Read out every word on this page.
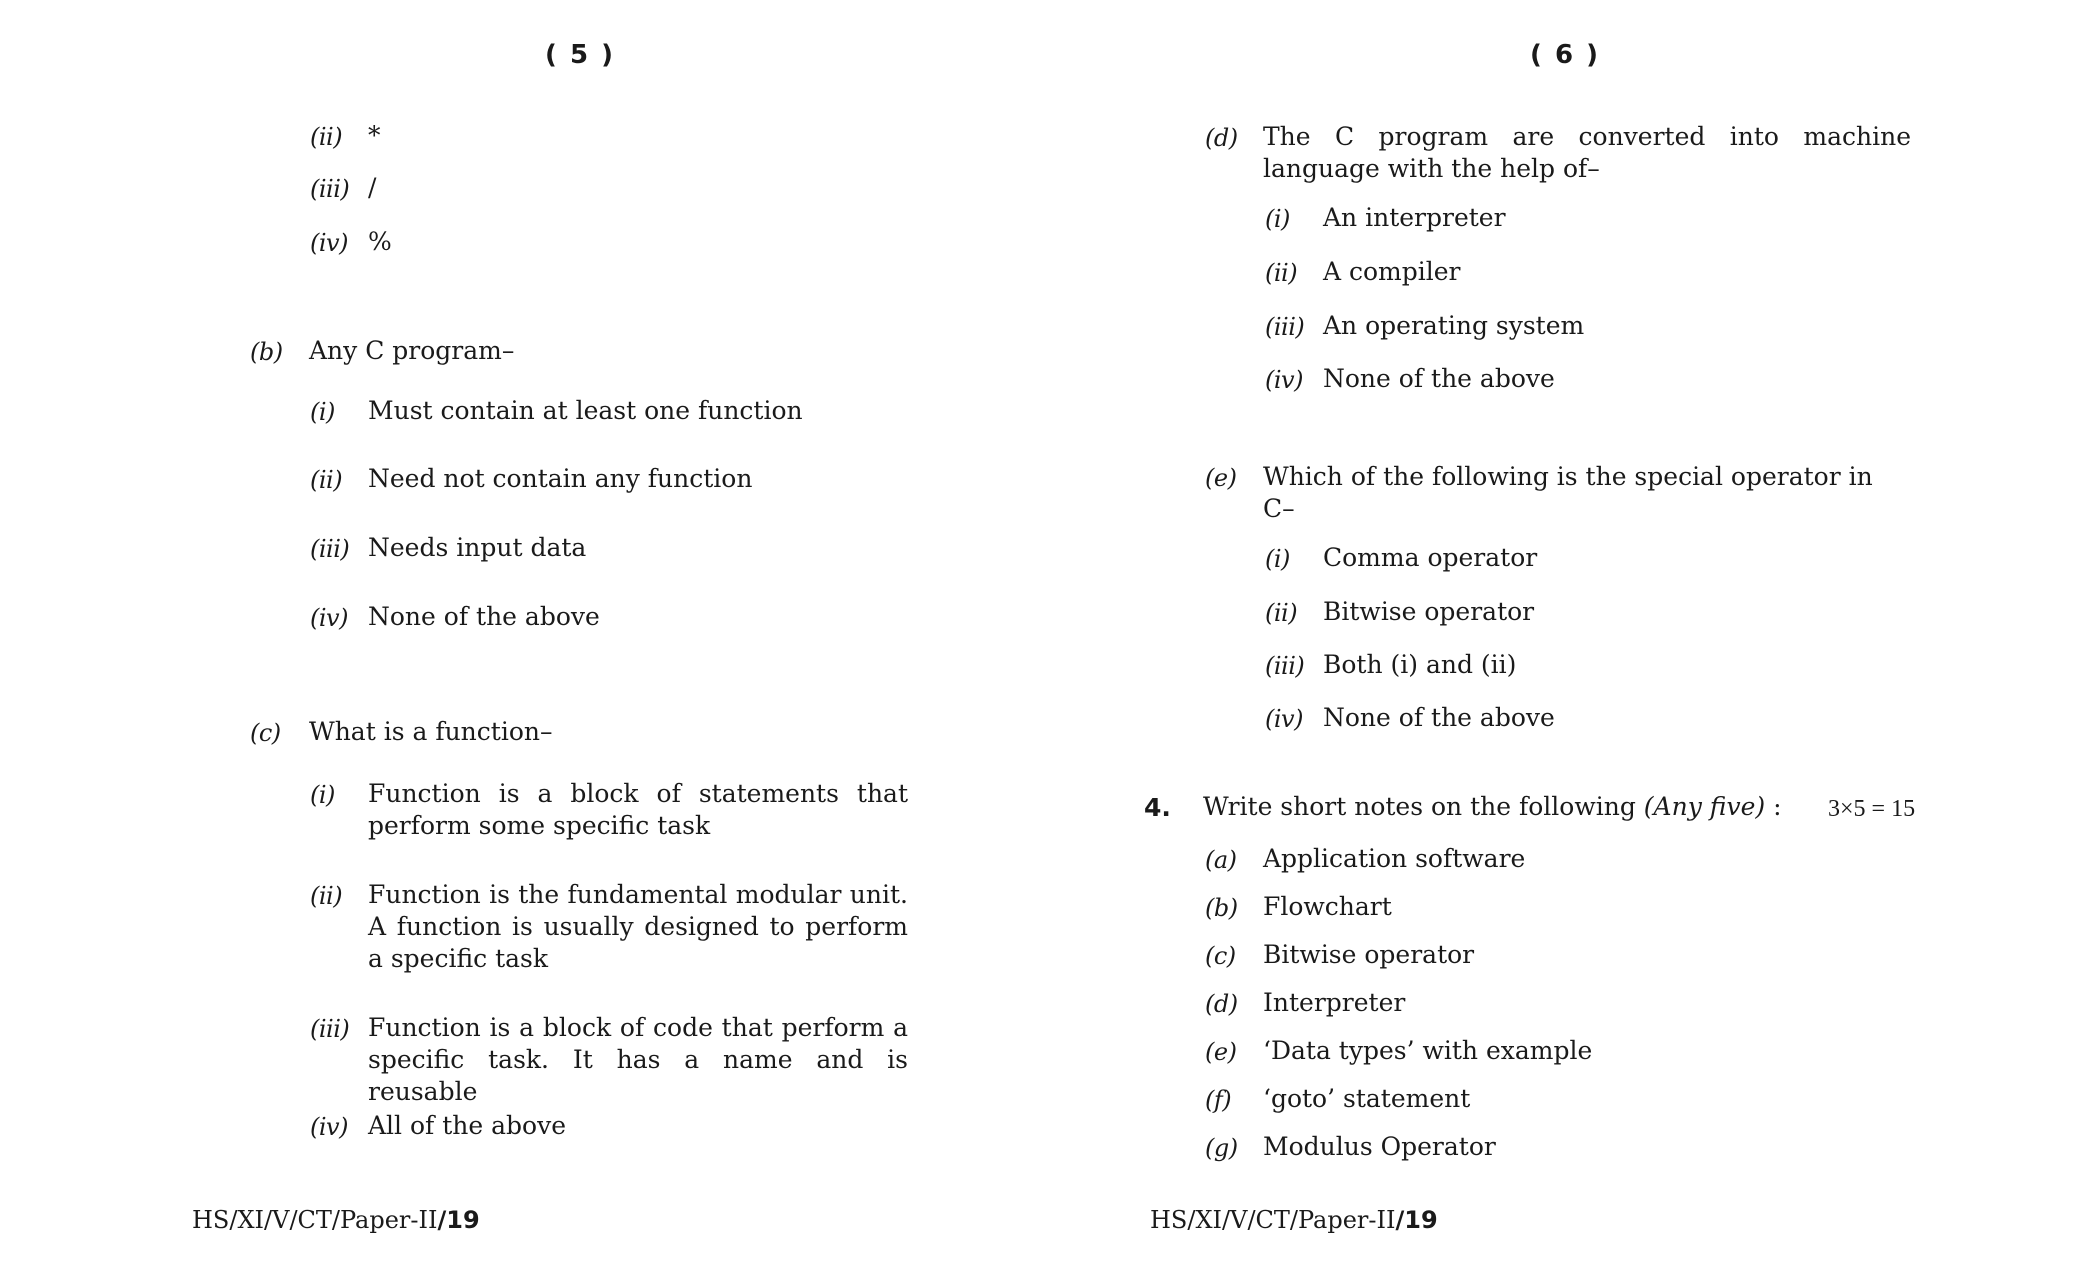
( 5 )
(ii) *
(iii) /
(iv) %
(b) Any C program–
(i) Must contain at least one function
(ii) Need not contain any function
(iii) Needs input data
(iv) None of the above
(c) What is a function–
(i) Function is a block of statements that perform some specific task
(ii) Function is the fundamental modular unit. A function is usually designed to perform a specific task
(iii) Function is a block of code that perform a specific task. It has a name and is reusable
(iv) All of the above
HS/XI/V/CT/Paper-II/19
( 6 )
(d) The C program are converted into machine language with the help of–
(i) An interpreter
(ii) A compiler
(iii) An operating system
(iv) None of the above
(e) Which of the following is the special operator in C–
(i) Comma operator
(ii) Bitwise operator
(iii) Both (i) and (ii)
(iv) None of the above
4. Write short notes on the following (Any five) : 3×5 = 15
(a) Application software
(b) Flowchart
(c) Bitwise operator
(d) Interpreter
(e) ‘Data types’ with example
(f) ‘goto’ statement
(g) Modulus Operator
HS/XI/V/CT/Paper-II/19
